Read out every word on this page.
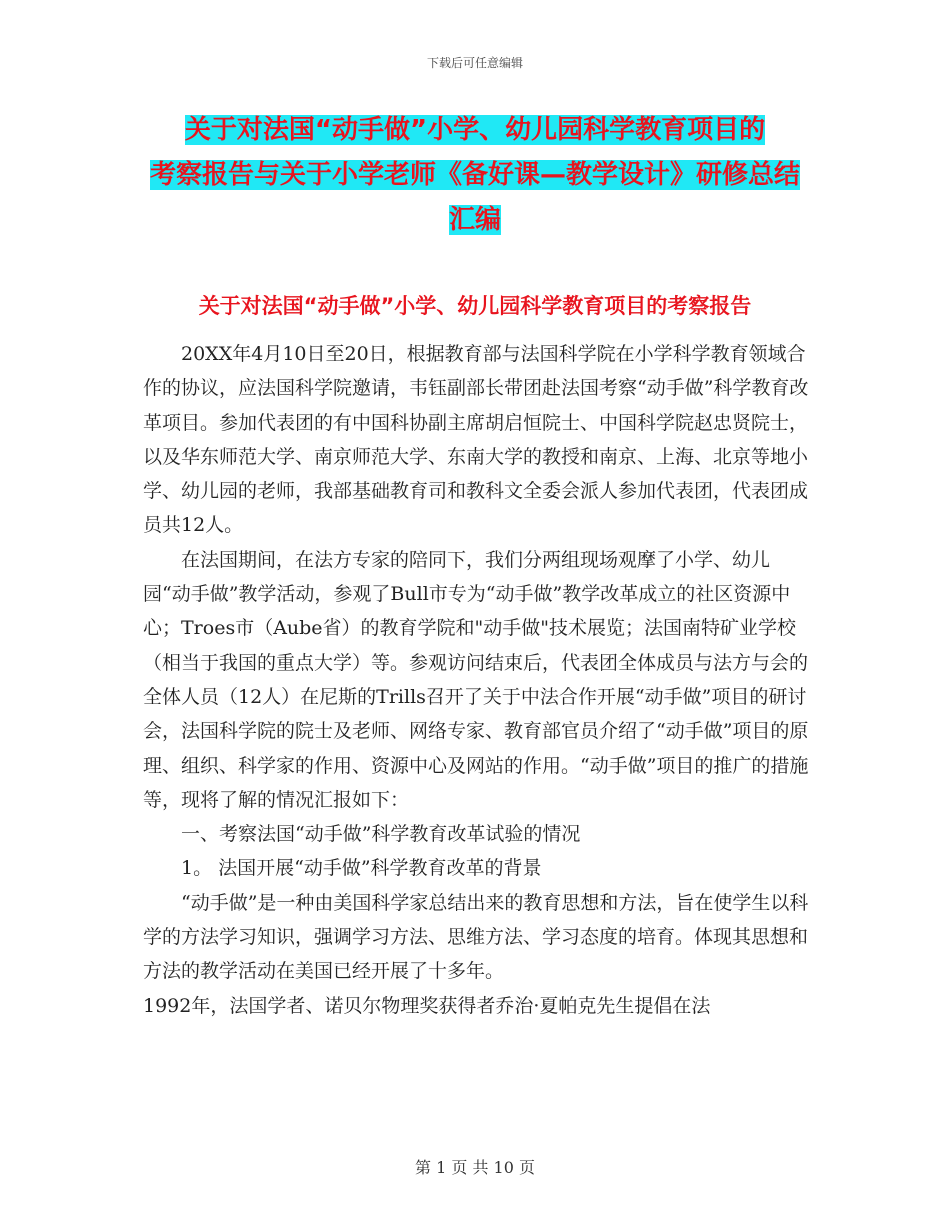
下载后可任意编辑
关于对法国“动手做”小学、幼儿园科学教育项目的
考察报告与关于小学老师《备好课—教学设计》研修总结
汇编
关于对法国“动手做”小学、幼儿园科学教育项目的考察报告

20XX年4月10日至20日，根据教育部与法国科学院在小学科学教育领域合作的协议，应法国科学院邀请，韦钰副部长带团赴法国考察“动手做”科学教育改革项目。参加代表团的有中国科协副主席胡启恒院士、中国科学院赵忠贤院士，以及华东师范大学、南京师范大学、东南大学的教授和南京、上海、北京等地小学、幼儿园的老师，我部基础教育司和教科文全委会派人参加代表团，代表团成员共12人。

在法国期间，在法方专家的陪同下，我们分两组现场观摩了小学、幼儿园“动手做”教学活动，参观了Bull市专为“动手做”教学改革成立的社区资源中心；Troes市（Aube省）的教育学院和"动手做"技术展览；法国南特矿业学校（相当于我国的重点大学）等。参观访问结束后，代表团全体成员与法方与会的全体人员（12人）在尼斯的Trills召开了关于中法合作开展“动手做”项目的研讨会，法国科学院的院士及老师、网络专家、教育部官员介绍了“动手做”项目的原理、组织、科学家的作用、资源中心及网站的作用。“动手做”项目的推广的措施等，现将了解的情况汇报如下：

一、考察法国“动手做”科学教育改革试验的情况

1。 法国开展“动手做”科学教育改革的背景

“动手做”是一种由美国科学家总结出来的教育思想和方法，旨在使学生以科学的方法学习知识，强调学习方法、思维方法、学习态度的培育。体现其思想和方法的教学活动在美国已经开展了十多年。

1992年，法国学者、诺贝尔物理奖获得者乔治·夏帕克先生提倡在法

第 1 页 共 10 页
